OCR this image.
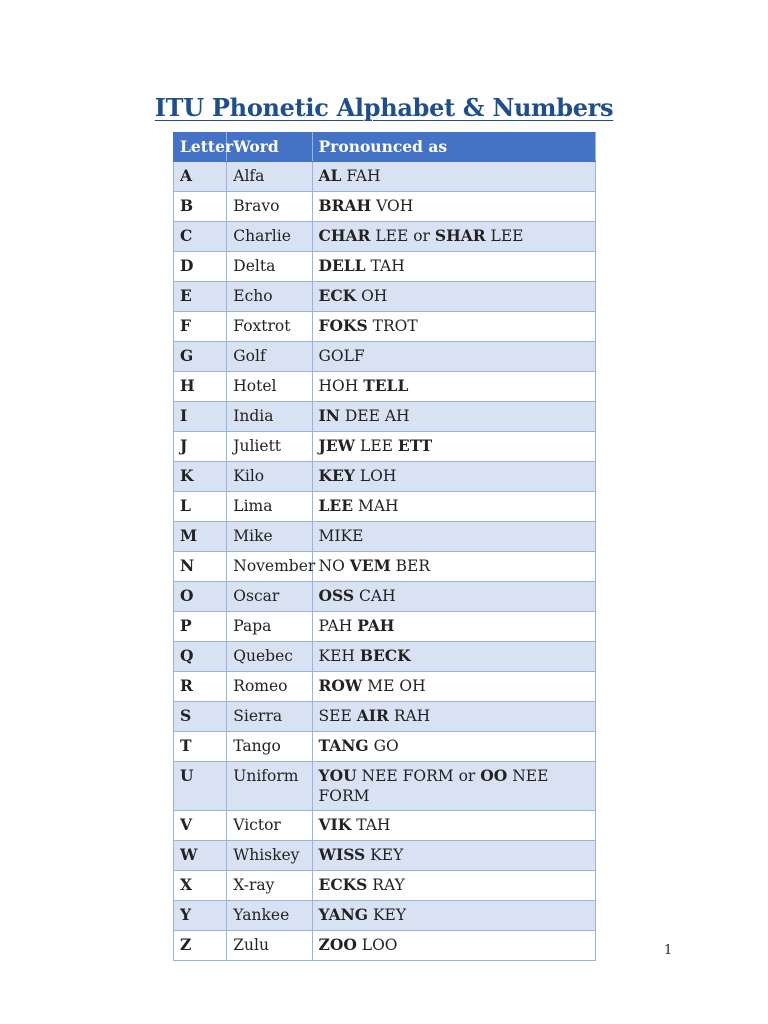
ITU Phonetic Alphabet & Numbers
Letter	Word	Pronounced as
A	Alfa	AL FAH
B	Bravo	BRAH VOH
C	Charlie	CHAR LEE or SHAR LEE
D	Delta	DELL TAH
E	Echo	ECK OH
F	Foxtrot	FOKS TROT
G	Golf	GOLF
H	Hotel	HOH TELL
I	India	IN DEE AH
J	Juliett	JEW LEE ETT
K	Kilo	KEY LOH
L	Lima	LEE MAH
M	Mike	MIKE
N	November	NO VEM BER
O	Oscar	OSS CAH
P	Papa	PAH PAH
Q	Quebec	KEH BECK
R	Romeo	ROW ME OH
S	Sierra	SEE AIR RAH
T	Tango	TANG GO
U	Uniform	YOU NEE FORM or OO NEE FORM
V	Victor	VIK TAH
W	Whiskey	WISS KEY
X	X-ray	ECKS RAY
Y	Yankee	YANG KEY
Z	Zulu	ZOO LOO	1
